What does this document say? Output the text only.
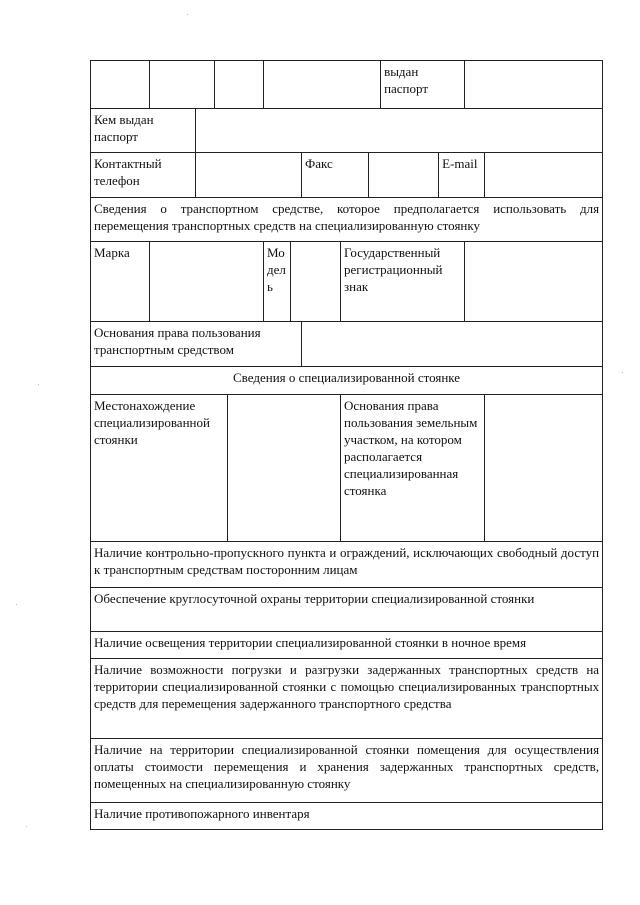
										выдан паспорт			
Кем выдан паспорт													
Контактный телефон							Факс				E-mail		
Сведения о транспортном средстве, которое предполагается использовать для перемещения транспортных средств на специализированную стоянку													
Марка					Модель			Государственный регистрационный знак					
Основания права пользования транспортным средством													
Сведения о специализированной стоянке													
Местонахождение специализированной стоянки								Основания права пользования земельным участком, на котором располагается специализированная стоянка					
Наличие контрольно-пропускного пункта и ограждений, исключающих свободный доступ к транспортным средствам посторонним лицам													
Обеспечение круглосуточной охраны территории специализированной стоянки													
Наличие освещения территории специализированной стоянки в ночное время													
Наличие возможности погрузки и разгрузки задержанных транспортных средств на территории специализированной стоянки с помощью специализированных транспортных средств для перемещения задержанного транспортного средства													
Наличие на территории специализированной стоянки помещения для осуществления оплаты стоимости перемещения и хранения задержанных транспортных средств, помещенных на специализированную стоянку													
Наличие противопожарного инвентаря													
